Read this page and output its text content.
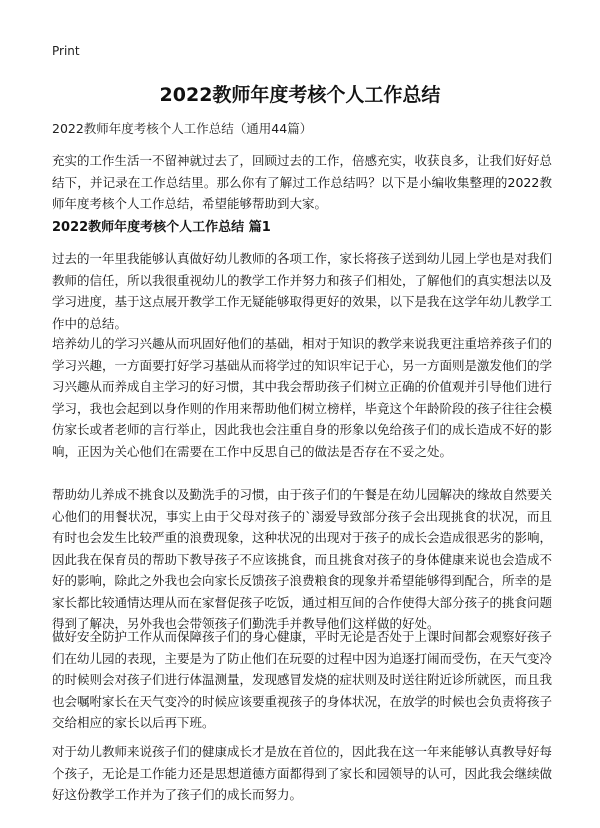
Print
2022教师年度考核个人工作总结
2022教师年度考核个人工作总结（通用44篇）

充实的工作生活一不留神就过去了，回顾过去的工作，倍感充实，收获良多，让我们好好总结下，并记录在工作总结里。那么你有了解过工作总结吗？以下是小编收集整理的2022教师年度考核个人工作总结，希望能够帮助到大家。

2022教师年度考核个人工作总结 篇1

过去的一年里我能够认真做好幼儿教师的各项工作，家长将孩子送到幼儿园上学也是对我们教师的信任，所以我很重视幼儿的教学工作并努力和孩子们相处，了解他们的真实想法以及学习进度，基于这点展开教学工作无疑能够取得更好的效果，以下是我在这学年幼儿教学工作中的总结。

培养幼儿的学习兴趣从而巩固好他们的基础，相对于知识的教学来说我更注重培养孩子们的学习兴趣，一方面要打好学习基础从而将学过的知识牢记于心，另一方面则是激发他们的学习兴趣从而养成自主学习的好习惯，其中我会帮助孩子们树立正确的价值观并引导他们进行学习，我也会起到以身作则的作用来帮助他们树立榜样，毕竟这个年龄阶段的孩子往往会模仿家长或者老师的言行举止，因此我也会注重自身的形象以免给孩子们的成长造成不好的影响，正因为关心他们在需要在工作中反思自己的做法是否存在不妥之处。

帮助幼儿养成不挑食以及勤洗手的习惯，由于孩子们的午餐是在幼儿园解决的缘故自然要关心他们的用餐状况，事实上由于父母对孩子的`溺爱导致部分孩子会出现挑食的状况，而且有时也会发生比较严重的浪费现象，这种状况的出现对于孩子的成长会造成很恶劣的影响，因此我在保育员的帮助下教导孩子不应该挑食，而且挑食对孩子的身体健康来说也会造成不好的影响，除此之外我也会向家长反馈孩子浪费粮食的现象并希望能够得到配合，所幸的是家长都比较通情达理从而在家督促孩子吃饭，通过相互间的合作使得大部分孩子的挑食问题得到了解决，另外我也会带领孩子们勤洗手并教导他们这样做的好处。

做好安全防护工作从而保障孩子们的身心健康，平时无论是否处于上课时间都会观察好孩子们在幼儿园的表现，主要是为了防止他们在玩耍的过程中因为追逐打闹而受伤，在天气变冷的时候则会对孩子们进行体温测量，发现感冒发烧的症状则及时送往附近诊所就医，而且我也会嘱咐家长在天气变冷的时候应该要重视孩子的身体状况，在放学的时候也会负责将孩子交给相应的家长以后再下班。

对于幼儿教师来说孩子们的健康成长才是放在首位的，因此我在这一年来能够认真教导好每个孩子，无论是工作能力还是思想道德方面都得到了家长和园领导的认可，因此我会继续做好这份教学工作并为了孩子们的成长而努力。
